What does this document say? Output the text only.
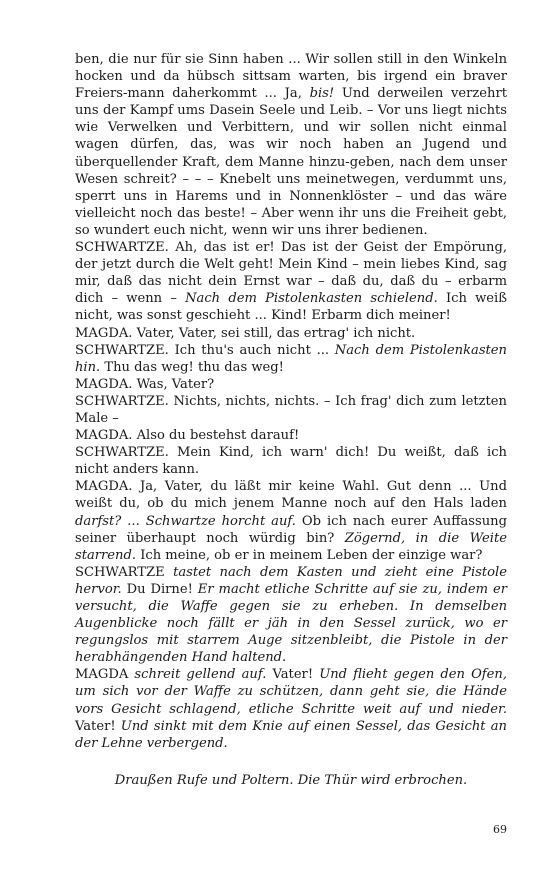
ben, die nur für sie Sinn haben ... Wir sollen still in den Winkeln hocken und da hübsch sittsam warten, bis irgend ein braver Freiers-mann daherkommt ... Ja, bis! Und derweilen verzehrt uns der Kampf ums Dasein Seele und Leib. – Vor uns liegt nichts wie Verwelken und Verbittern, und wir sollen nicht einmal wagen dürfen, das, was wir noch haben an Jugend und überquellender Kraft, dem Manne hinzu-geben, nach dem unser Wesen schreit? – – – Knebelt uns meinetwegen, verdummt uns, sperrt uns in Harems und in Nonnenklöster – und das wäre vielleicht noch das beste! – Aber wenn ihr uns die Freiheit gebt, so wundert euch nicht, wenn wir uns ihrer bedienen.

SCHWARTZE. Ah, das ist er! Das ist der Geist der Empörung, der jetzt durch die Welt geht! Mein Kind – mein liebes Kind, sag mir, daß das nicht dein Ernst war – daß du, daß du – erbarm dich – wenn – Nach dem Pistolenkasten schielend. Ich weiß nicht, was sonst geschieht ... Kind! Erbarm dich meiner!

MAGDA. Vater, Vater, sei still, das ertrag' ich nicht.

SCHWARTZE. Ich thu's auch nicht ... Nach dem Pistolenkasten hin. Thu das weg! thu das weg!

MAGDA. Was, Vater?

SCHWARTZE. Nichts, nichts, nichts. – Ich frag' dich zum letzten Male –

MAGDA. Also du bestehst darauf!

SCHWARTZE. Mein Kind, ich warn' dich! Du weißt, daß ich nicht anders kann.

MAGDA. Ja, Vater, du läßt mir keine Wahl. Gut denn ... Und weißt du, ob du mich jenem Manne noch auf den Hals laden darfst? ... Schwartze horcht auf. Ob ich nach eurer Auffassung seiner überhaupt noch würdig bin? Zögernd, in die Weite starrend. Ich meine, ob er in meinem Leben der einzige war?

SCHWARTZE tastet nach dem Kasten und zieht eine Pistole hervor. Du Dirne! Er macht etliche Schritte auf sie zu, indem er versucht, die Waffe gegen sie zu erheben. In demselben Augenblicke noch fällt er jäh in den Sessel zurück, wo er regungslos mit starrem Auge sitzenbleibt, die Pistole in der herabhängenden Hand haltend.

MAGDA schreit gellend auf. Vater! Und flieht gegen den Ofen, um sich vor der Waffe zu schützen, dann geht sie, die Hände vors Gesicht schlagend, etliche Schritte weit auf und nieder. Vater! Und sinkt mit dem Knie auf einen Sessel, das Gesicht an der Lehne verbergend.

Draußen Rufe und Poltern. Die Thür wird erbrochen.

69
